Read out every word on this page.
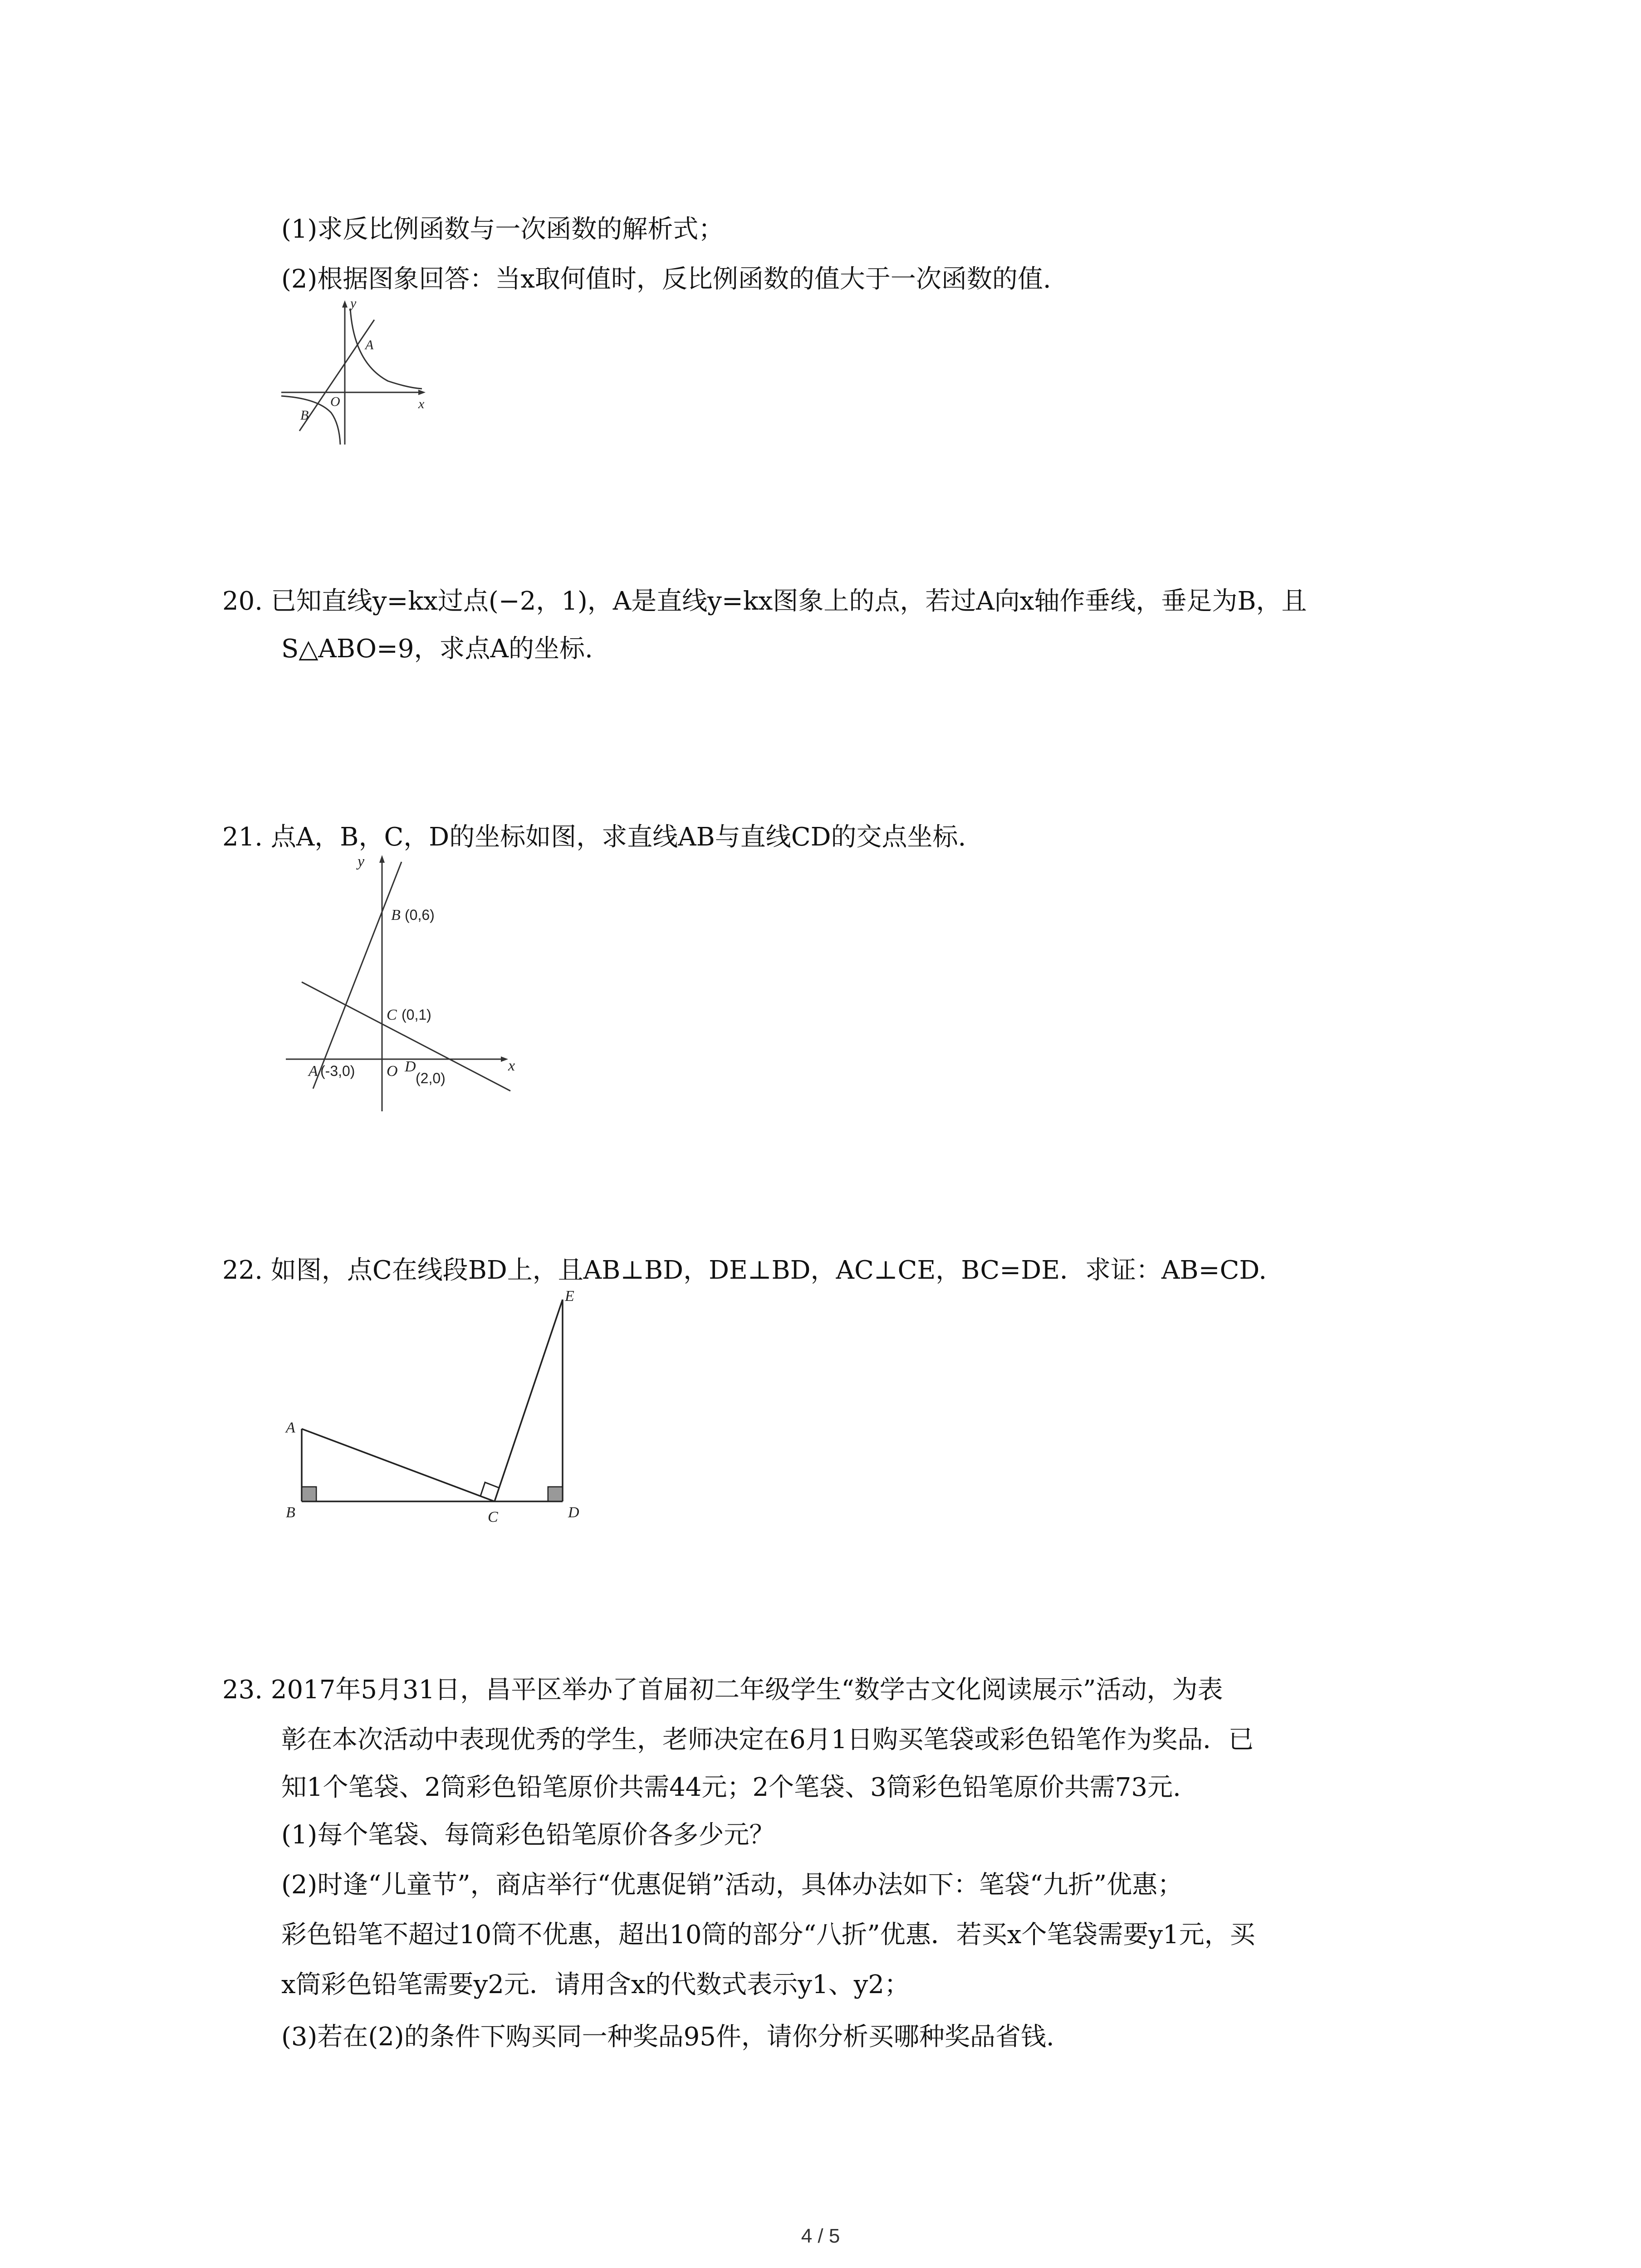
(1)求反比例函数与一次函数的解析式；
(2)根据图象回答：当x取何值时，反比例函数的值大于一次函数的值.
y
A
O	x
B
20. 已知直线y=kx过点(−2，1)，A是直线y=kx图象上的点，若过A向x轴作垂线，垂足为B，且
S△ABO=9，求点A的坐标.
21. 点A，B，C，D的坐标如图，求直线AB与直线CD的交点坐标.
y
x
O
B (0,6)
C (0,1)
A (-3,0)	D
(2,0)
22. 如图，点C在线段BD上，且AB⊥BD，DE⊥BD，AC⊥CE，BC=DE．求证：AB=CD.
A
B	C	D
E
23. 2017年5月31日，昌平区举办了首届初二年级学生“数学古文化阅读展示”活动，为表
彰在本次活动中表现优秀的学生，老师决定在6月1日购买笔袋或彩色铅笔作为奖品．已
知1个笔袋、2筒彩色铅笔原价共需44元；2个笔袋、3筒彩色铅笔原价共需73元.
(1)每个笔袋、每筒彩色铅笔原价各多少元？
(2)时逢“儿童节”，商店举行“优惠促销”活动，具体办法如下：笔袋“九折”优惠；
彩色铅笔不超过10筒不优惠，超出10筒的部分“八折”优惠．若买x个笔袋需要y1元，买
x筒彩色铅笔需要y2元．请用含x的代数式表示y1、y2；
(3)若在(2)的条件下购买同一种奖品95件，请你分析买哪种奖品省钱.
4 / 5
